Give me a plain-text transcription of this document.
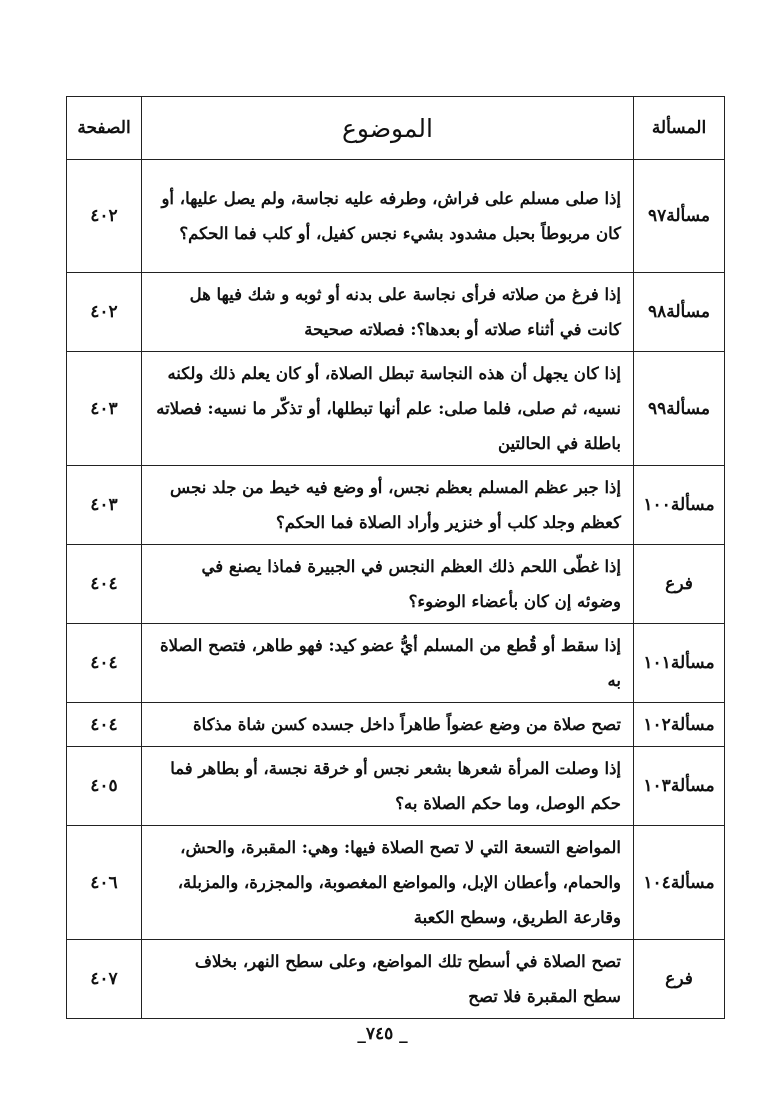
المسألة	الموضوع	الصفحة
مسألة٩٧	إذا صلى مسلم على فراش، وطرفه عليه نجاسة، ولم يصل عليها، أو كان مربوطاً بحبل مشدود بشيء نجس كفيل، أو كلب فما الحكم؟	٤٠٢
مسألة٩٨	إذا فرغ من صلاته فرأى نجاسة على بدنه أو ثوبه و شك فيها هل كانت في أثناء صلاته أو بعدها؟: فصلاته صحيحة	٤٠٢
مسألة٩٩	إذا كان يجهل أن هذه النجاسة تبطل الصلاة، أو كان يعلم ذلك ولكنه نسيه، ثم صلى، فلما صلى: علم أنها تبطلها، أو تذكّر ما نسيه: فصلاته باطلة في الحالتين	٤٠٣
مسألة١٠٠	إذا جبر عظم المسلم بعظم نجس، أو وضع فيه خيط من جلد نجس كعظم وجلد كلب أو خنزير وأراد الصلاة فما الحكم؟	٤٠٣
فرع	إذا غطّى اللحم ذلك العظم النجس في الجبيرة فماذا يصنع في وضوئه إن كان بأعضاء الوضوء؟	٤٠٤
مسألة١٠١	إذا سقط أو قُطع من المسلم أيُّ عضو كيد: فهو طاهر، فتصح الصلاة به	٤٠٤
مسألة١٠٢	تصح صلاة من وضع عضواً طاهراً داخل جسده كسن شاة مذكاة	٤٠٤
مسألة١٠٣	إذا وصلت المرأة شعرها بشعر نجس أو خرقة نجسة، أو بطاهر فما حكم الوصل، وما حكم الصلاة به؟	٤٠٥
مسألة١٠٤	المواضع التسعة التي لا تصح الصلاة فيها: وهي: المقبرة، والحش، والحمام، وأعطان الإبل، والمواضع المغصوبة، والمجزرة، والمزبلة، وقارعة الطريق، وسطح الكعبة	٤٠٦
فرع	تصح الصلاة في أسطح تلك المواضع، وعلى سطح النهر، بخلاف سطح المقبرة فلا تصح	٤٠٧
_٧٤٥ _
